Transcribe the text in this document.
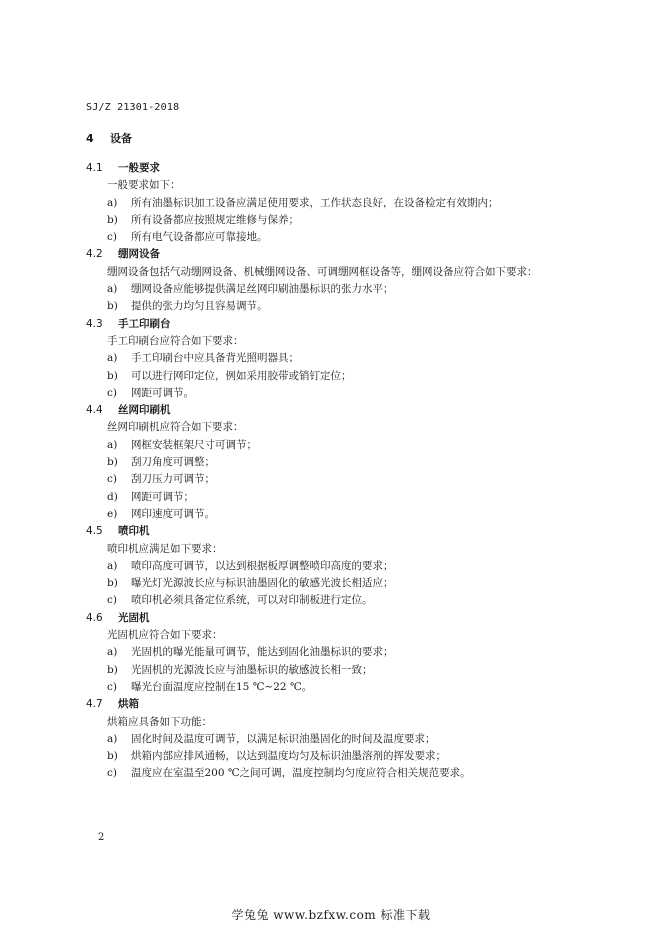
SJ/Z 21301-2018
4 设备
4.1 一般要求
一般要求如下：
a) 所有油墨标识加工设备应满足使用要求，工作状态良好，在设备检定有效期内；
b) 所有设备都应按照规定维修与保养；
c) 所有电气设备都应可靠接地。
4.2 绷网设备
绷网设备包括气动绷网设备、机械绷网设备、可调绷网框设备等，绷网设备应符合如下要求：
a) 绷网设备应能够提供满足丝网印刷油墨标识的张力水平；
b) 提供的张力均匀且容易调节。
4.3 手工印刷台
手工印刷台应符合如下要求：
a) 手工印刷台中应具备背光照明器具；
b) 可以进行网印定位，例如采用胶带或销钉定位；
c) 网距可调节。
4.4 丝网印刷机
丝网印刷机应符合如下要求：
a) 网框安装框架尺寸可调节；
b) 刮刀角度可调整；
c) 刮刀压力可调节；
d) 网距可调节；
e) 网印速度可调节。
4.5 喷印机
喷印机应满足如下要求：
a) 喷印高度可调节，以达到根据板厚调整喷印高度的要求；
b) 曝光灯光源波长应与标识油墨固化的敏感光波长相适应；
c) 喷印机必须具备定位系统，可以对印制板进行定位。
4.6 光固机
光固机应符合如下要求：
a) 光固机的曝光能量可调节，能达到固化油墨标识的要求；
b) 光固机的光源波长应与油墨标识的敏感波长相一致；
c) 曝光台面温度应控制在15 ℃~22 ℃。
4.7 烘箱
烘箱应具备如下功能：
a) 固化时间及温度可调节，以满足标识油墨固化的时间及温度要求；
b) 烘箱内部应排风通畅，以达到温度均匀及标识油墨溶剂的挥发要求；
c) 温度应在室温至200 ℃之间可调，温度控制均匀度应符合相关规范要求。
2
学兔兔 www.bzfxw.com 标准下载
